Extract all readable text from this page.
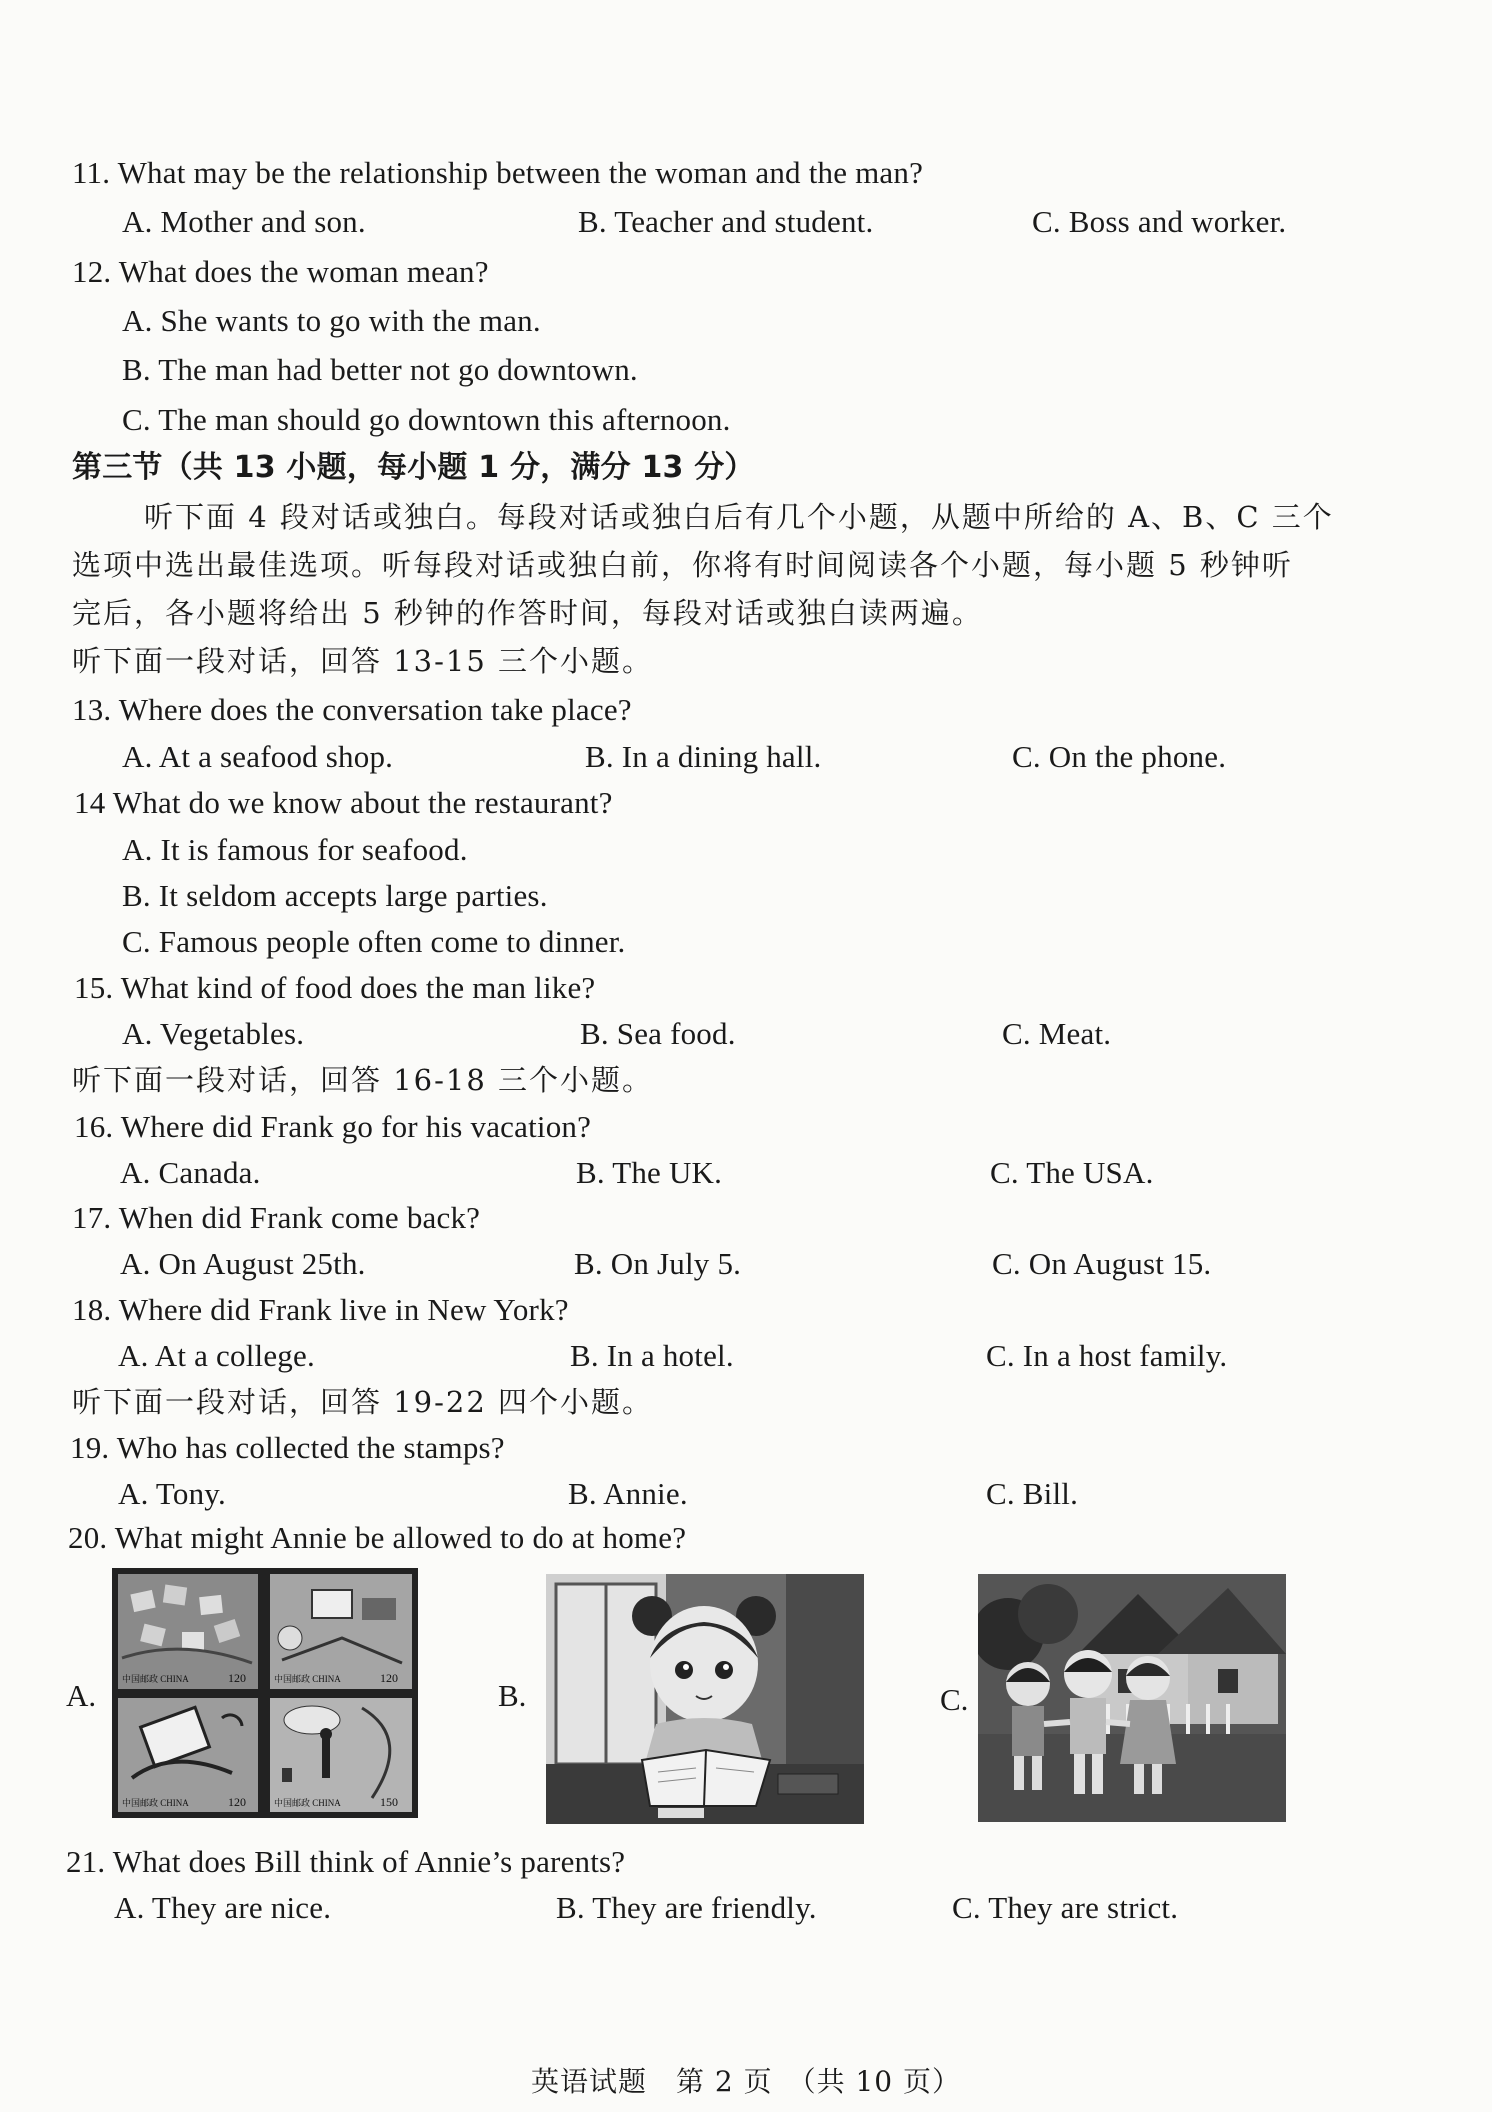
11. What may be the relationship between the woman and the man?
A. Mother and son.	B. Teacher and student.	C. Boss and worker.
12. What does the woman mean?
A. She wants to go with the man.
B. The man had better not go downtown.
C. The man should go downtown this afternoon.
第三节（共 13 小题，每小题 1 分，满分 13 分）
听下面 4 段对话或独白。每段对话或独白后有几个小题，从题中所给的 A、B、C 三个
选项中选出最佳选项。听每段对话或独白前，你将有时间阅读各个小题，每小题 5 秒钟听
完后，各小题将给出 5 秒钟的作答时间，每段对话或独白读两遍。
听下面一段对话，回答 13-15 三个小题。
13. Where does the conversation take place?
A. At a seafood shop.	B. In a dining hall.	C. On the phone.
14 What do we know about the restaurant?
A. It is famous for seafood.
B. It seldom accepts large parties.
C. Famous people often come to dinner.
15. What kind of food does the man like?
A. Vegetables.	B. Sea food.	C. Meat.
听下面一段对话，回答 16-18 三个小题。
16. Where did Frank go for his vacation?
A. Canada.	B. The UK.	C. The USA.
17. When did Frank come back?
A. On August 25th.	B. On July 5.	C. On August 15.
18. Where did Frank live in New York?
A. At a college.	B. In a hotel.	C. In a host family.
听下面一段对话，回答 19-22 四个小题。
19. Who has collected the stamps?
A. Tony.	B. Annie.	C. Bill.
20. What might Annie be allowed to do at home?
A.	B.	C.
中国邮政 CHINA	120	中国邮政 CHINA	120
中国邮政 CHINA	120	中国邮政 CHINA	150
21. What does Bill think of Annie’s parents?
A. They are nice.	B. They are friendly.	C. They are strict.
英语试题　第 2 页　（共 10 页）
